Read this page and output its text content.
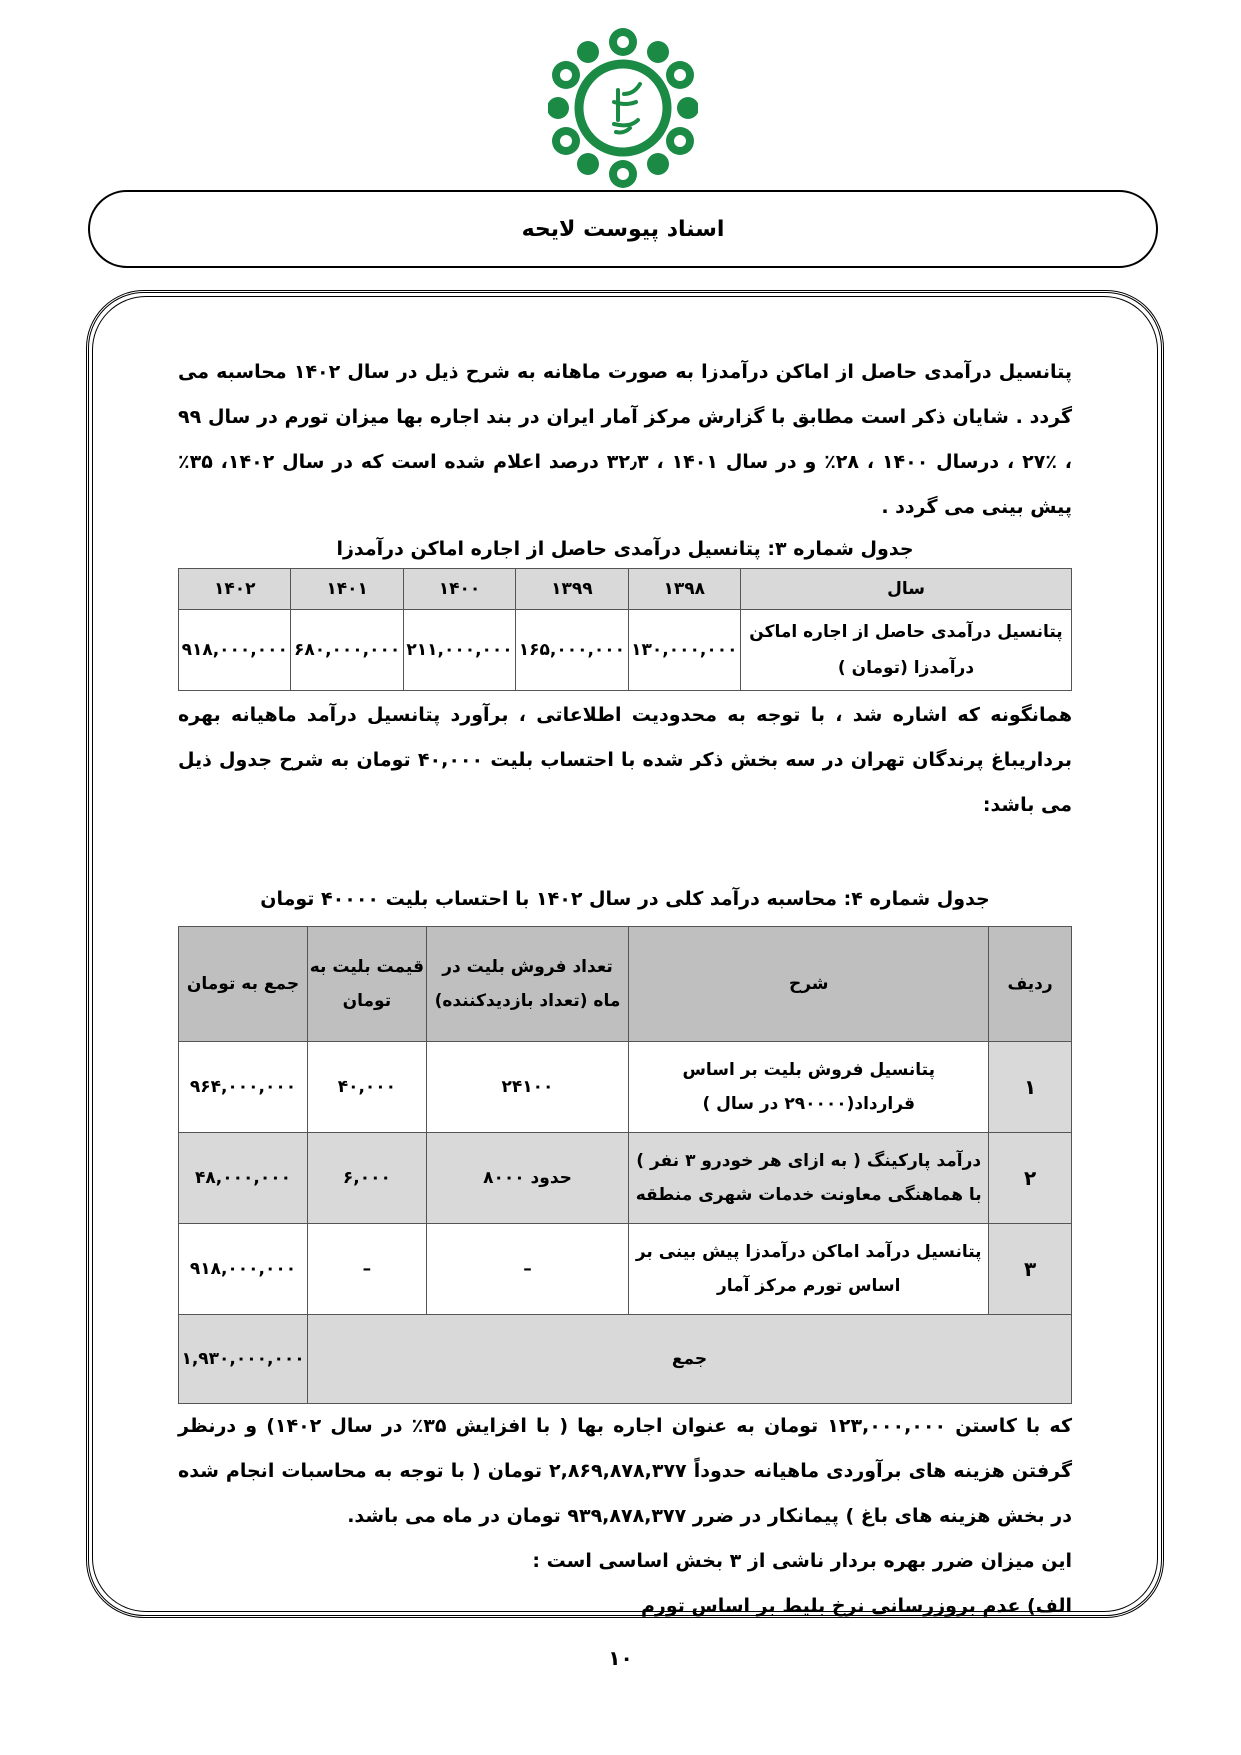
اسناد پیوست لایحه

پتانسیل درآمدی حاصل از اماکن درآمدزا به صورت ماهانه به شرح ذیل در سال ۱۴۰۲ محاسبه می گردد . شایان ذکر است مطابق با گزارش مرکز آمار ایران در بند اجاره بها میزان تورم در سال ۹۹ ، ٪۲۷ ، درسال ۱۴۰۰ ، ۲۸٪ و در سال ۱۴۰۱ ، ۳۲٫۳ درصد اعلام شده است که در سال ۱۴۰۲، ۳۵٪ پیش بینی می گردد .

جدول شماره ۳: پتانسیل درآمدی حاصل از اجاره اماکن درآمدزا

سال	۱۳۹۸	۱۳۹۹	۱۴۰۰	۱۴۰۱	۱۴۰۲
پتانسیل درآمدی حاصل از اجاره اماکن درآمدزا (تومان )	۱۳۰,۰۰۰,۰۰۰	۱۶۵,۰۰۰,۰۰۰	۲۱۱,۰۰۰,۰۰۰	۶۸۰,۰۰۰,۰۰۰	۹۱۸,۰۰۰,۰۰۰

همانگونه که اشاره شد ، با توجه به محدودیت اطلاعاتی ، برآورد پتانسیل درآمد ماهیانه بهره برداریباغ پرندگان تهران در سه بخش ذکر شده با احتساب بلیت ۴۰,۰۰۰ تومان به شرح جدول ذیل می باشد:

جدول شماره ۴: محاسبه درآمد کلی در سال ۱۴۰۲ با احتساب بلیت ۴۰۰۰۰ تومان

ردیف	شرح	تعداد فروش بلیت در ماه (تعداد بازدیدکننده)	قیمت بلیت به تومان	جمع به تومان
۱	پتانسیل فروش بلیت بر اساس قرارداد(۲۹۰۰۰۰ در سال )	۲۴۱۰۰	۴۰,۰۰۰	۹۶۴,۰۰۰,۰۰۰
۲	درآمد پارکینگ ( به ازای هر خودرو ۳ نفر ) با هماهنگی معاونت خدمات شهری منطقه	حدود ۸۰۰۰	۶,۰۰۰	۴۸,۰۰۰,۰۰۰
۳	پتانسیل درآمد اماکن درآمدزا پیش بینی بر اساس تورم مرکز آمار	–	–	۹۱۸,۰۰۰,۰۰۰
جمع				۱,۹۳۰,۰۰۰,۰۰۰

که با کاستن ۱۲۳,۰۰۰,۰۰۰ تومان به عنوان اجاره بها ( با افزایش ۳۵٪ در سال ۱۴۰۲) و درنظر گرفتن هزینه های برآوردی ماهیانه حدوداً ۲,۸۶۹,۸۷۸,۳۷۷ تومان ( با توجه به محاسبات انجام شده در بخش هزینه های باغ ) پیمانکار در ضرر ۹۳۹,۸۷۸,۳۷۷ تومان در ماه می باشد.

این میزان ضرر بهره بردار ناشی از ۳ بخش اساسی است :

الف) عدم بروزرسانی نرخ بلیط بر اساس تورم

۱۰
